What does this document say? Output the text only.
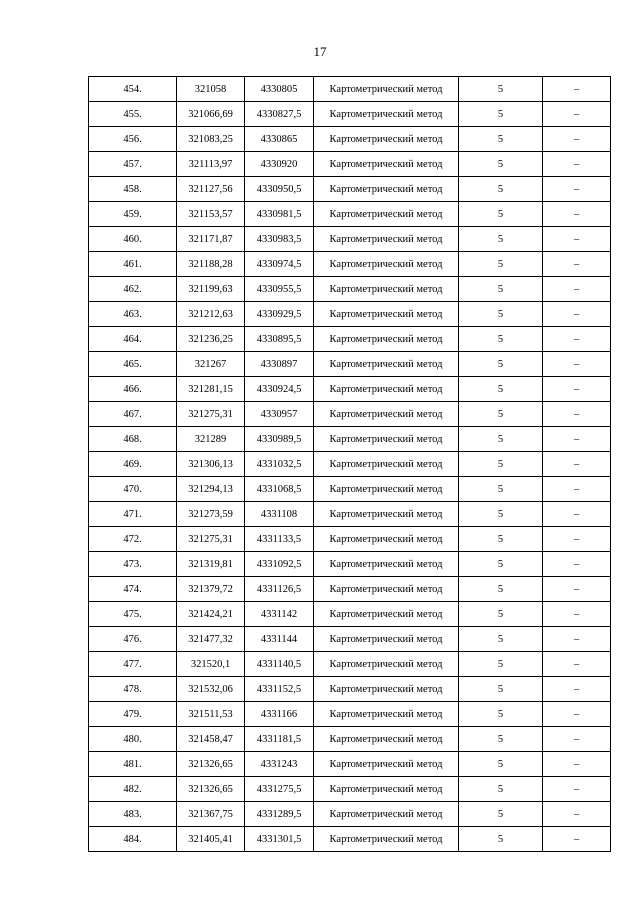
17
454.	321058	4330805	Картометрический метод	5	–
455.	321066,69	4330827,5	Картометрический метод	5	–
456.	321083,25	4330865	Картометрический метод	5	–
457.	321113,97	4330920	Картометрический метод	5	–
458.	321127,56	4330950,5	Картометрический метод	5	–
459.	321153,57	4330981,5	Картометрический метод	5	–
460.	321171,87	4330983,5	Картометрический метод	5	–
461.	321188,28	4330974,5	Картометрический метод	5	–
462.	321199,63	4330955,5	Картометрический метод	5	–
463.	321212,63	4330929,5	Картометрический метод	5	–
464.	321236,25	4330895,5	Картометрический метод	5	–
465.	321267	4330897	Картометрический метод	5	–
466.	321281,15	4330924,5	Картометрический метод	5	–
467.	321275,31	4330957	Картометрический метод	5	–
468.	321289	4330989,5	Картометрический метод	5	–
469.	321306,13	4331032,5	Картометрический метод	5	–
470.	321294,13	4331068,5	Картометрический метод	5	–
471.	321273,59	4331108	Картометрический метод	5	–
472.	321275,31	4331133,5	Картометрический метод	5	–
473.	321319,81	4331092,5	Картометрический метод	5	–
474.	321379,72	4331126,5	Картометрический метод	5	–
475.	321424,21	4331142	Картометрический метод	5	–
476.	321477,32	4331144	Картометрический метод	5	–
477.	321520,1	4331140,5	Картометрический метод	5	–
478.	321532,06	4331152,5	Картометрический метод	5	–
479.	321511,53	4331166	Картометрический метод	5	–
480.	321458,47	4331181,5	Картометрический метод	5	–
481.	321326,65	4331243	Картометрический метод	5	–
482.	321326,65	4331275,5	Картометрический метод	5	–
483.	321367,75	4331289,5	Картометрический метод	5	–
484.	321405,41	4331301,5	Картометрический метод	5	–
